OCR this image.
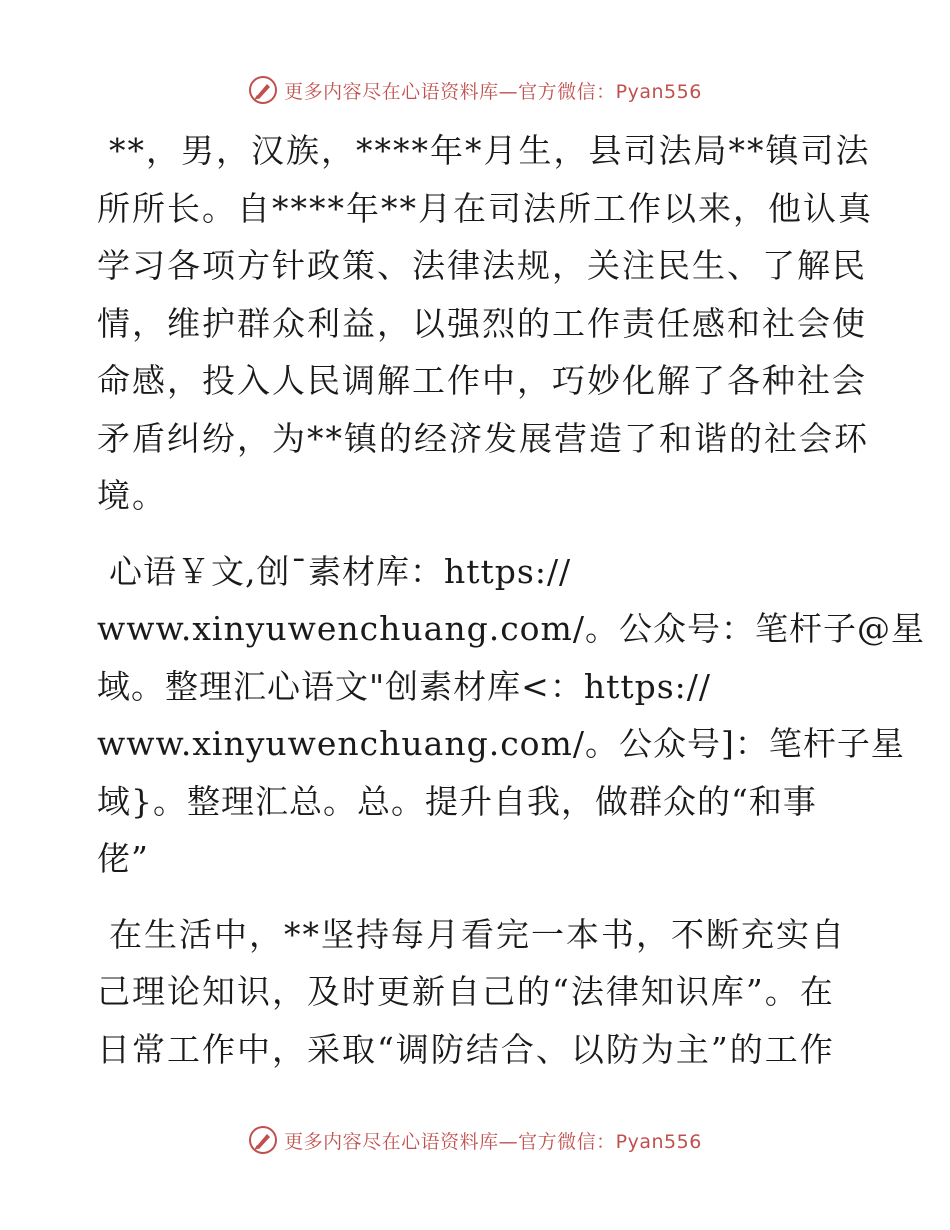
更多内容尽在心语资料库—官方微信：Pyan556

**，男，汉族，****年*月生，县司法局**镇司法
所所长。自****年**月在司法所工作以来，他认真
学习各项方针政策、法律法规，关注民生、了解民
情，维护群众利益，以强烈的工作责任感和社会使
命感，投入人民调解工作中，巧妙化解了各种社会
矛盾纠纷，为**镇的经济发展营造了和谐的社会环
境。

心语￥文,创¯素材库：https://
www.xinyuwenchuang.com/。公众号：笔杆子@星
域。整理汇心语文"创素材库<：https://
www.xinyuwenchuang.com/。公众号]：笔杆子星
域}。整理汇总。总。提升自我，做群众的“和事
佬”

在生活中，**坚持每月看完一本书，不断充实自
己理论知识，及时更新自己的“法律知识库”。在
日常工作中，采取“调防结合、以防为主”的工作

更多内容尽在心语资料库—官方微信：Pyan556
